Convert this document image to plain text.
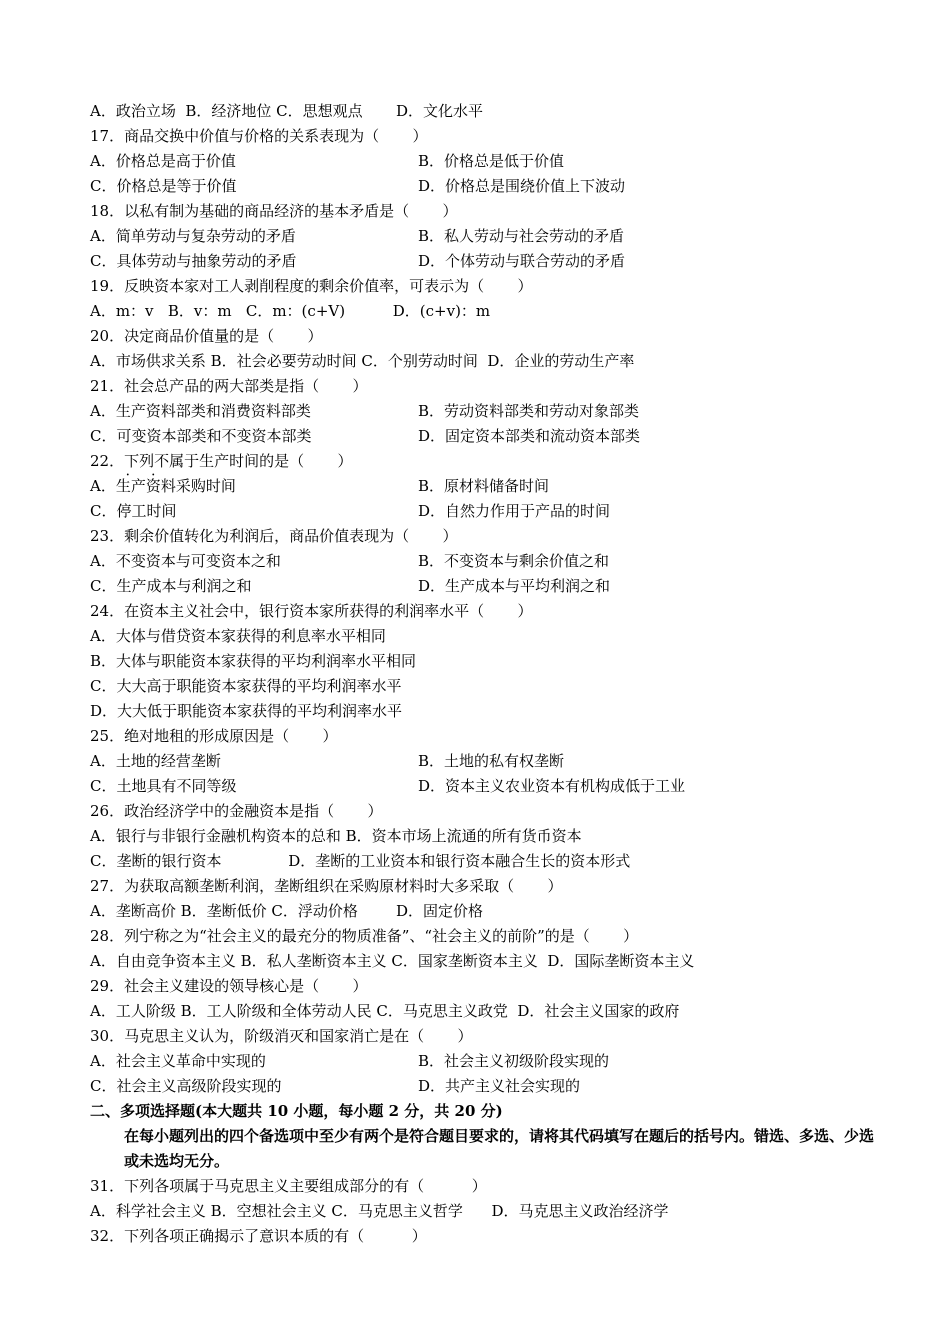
A．政治立场  B．经济地位 C．思想观点       D．文化水平
17．商品交换中价值与价格的关系表现为（       ）
A．价格总是高于价值	B．价格总是低于价值
C．价格总是等于价值	D．价格总是围绕价值上下波动
18．以私有制为基础的商品经济的基本矛盾是（       ）
A．简单劳动与复杂劳动的矛盾	B．私人劳动与社会劳动的矛盾
C．具体劳动与抽象劳动的矛盾	D．个体劳动与联合劳动的矛盾
19．反映资本家对工人剥削程度的剩余价值率，可表示为（       ）
A．m：v   B．v：m   C．m：(c+V)          D．(c+v)：m
20．决定商品价值量的是（       ）
A．市场供求关系 B．社会必要劳动时间 C．个别劳动时间  D．企业的劳动生产率
21．社会总产品的两大部类是指（       ）
A．生产资料部类和消费资料部类	B．劳动资料部类和劳动对象部类
C．可变资本部类和不变资本部类	D．固定资本部类和流动资本部类
22．下列不属于生产时间的是（       ） • •
A．生产资料采购时间	B．原材料储备时间
C．停工时间	D．自然力作用于产品的时间
23．剩余价值转化为利润后，商品价值表现为（       ）
A．不变资本与可变资本之和	B．不变资本与剩余价值之和
C．生产成本与利润之和	D．生产成本与平均利润之和
24．在资本主义社会中，银行资本家所获得的利润率水平（       ）
A．大体与借贷资本家获得的利息率水平相同
B．大体与职能资本家获得的平均利润率水平相同
C．大大高于职能资本家获得的平均利润率水平
D．大大低于职能资本家获得的平均利润率水平
25．绝对地租的形成原因是（       ）
A．土地的经营垄断	B．土地的私有权垄断
C．土地具有不同等级	D．资本主义农业资本有机构成低于工业
26．政治经济学中的金融资本是指（       ）
A．银行与非银行金融机构资本的总和 B．资本市场上流通的所有货币资本
C．垄断的银行资本              D．垄断的工业资本和银行资本融合生长的资本形式
27．为获取高额垄断利润，垄断组织在采购原材料时大多采取（       ）
A．垄断高价 B．垄断低价 C．浮动价格        D．固定价格
28．列宁称之为“社会主义的最充分的物质准备”、“社会主义的前阶”的是（       ）
A．自由竞争资本主义 B．私人垄断资本主义 C．国家垄断资本主义  D．国际垄断资本主义
29．社会主义建设的领导核心是（       ）
A．工人阶级 B．工人阶级和全体劳动人民 C．马克思主义政党  D．社会主义国家的政府
30．马克思主义认为，阶级消灭和国家消亡是在（       ）
A．社会主义革命中实现的	B．社会主义初级阶段实现的
C．社会主义高级阶段实现的	D．共产主义社会实现的
二、多项选择题(本大题共 10 小题，每小题 2 分，共 20 分)
在每小题列出的四个备选项中至少有两个是符合题目要求的，请将其代码填写在题后的括号内。错选、多选、少选或未选均无分。
31．下列各项属于马克思主义主要组成部分的有（          ）
A．科学社会主义 B．空想社会主义 C．马克思主义哲学      D．马克思主义政治经济学
32．下列各项正确揭示了意识本质的有（          ）
